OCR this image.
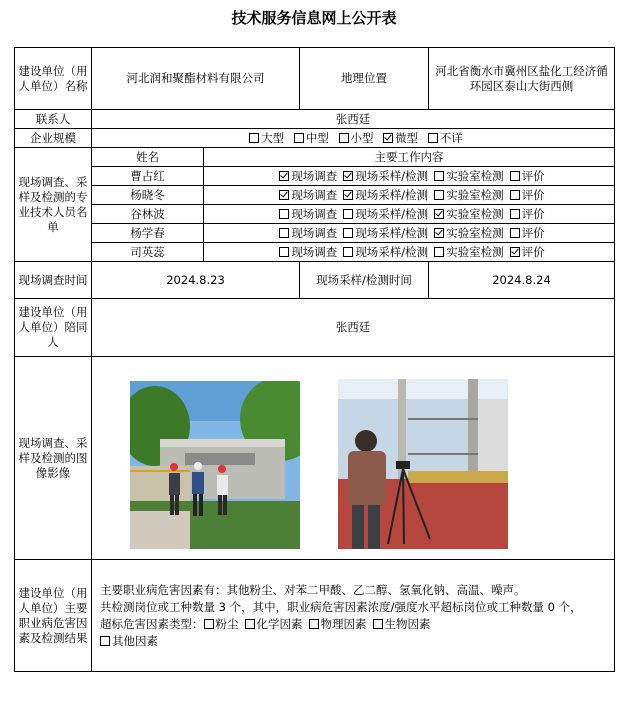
技术服务信息网上公开表
建设单位（用人单位）名称	河北润和聚酯材料有限公司		地理位置	河北省衡水市冀州区盐化工经济循环园区泰山大街西侧
联系人	张西廷			
企业规模	大型 中型 小型 微型 不详			
现场调查、采样及检测的专业技术人员名单	姓名	主要工作内容		
	曹占红	现场调查 现场采样/检测 实验室检测 评价		
	杨晓冬	现场调查 现场采样/检测 实验室检测 评价		
	谷林波	现场调查 现场采样/检测 实验室检测 评价		
	杨学春	现场调查 现场采样/检测 实验室检测 评价		
	司英蕊	现场调查 现场采样/检测 实验室检测 评价		
现场调查时间	2024.8.23		现场采样/检测时间	2024.8.24
建设单位（用人单位）陪同人	张西廷			
现场调查、采样及检测的图像影像				
建设单位（用人单位）主要职业病危害因素及检测结果	主要职业病危害因素有：其他粉尘、对苯二甲酸、乙二醇、氢氧化钠、高温、噪声。
共检测岗位或工种数量 3 个，其中，职业病危害因素浓度/强度水平超标岗位或工种数量 0 个，
超标危害因素类型： 粉尘 化学因素 物理因素 生物因素
其他因素			
